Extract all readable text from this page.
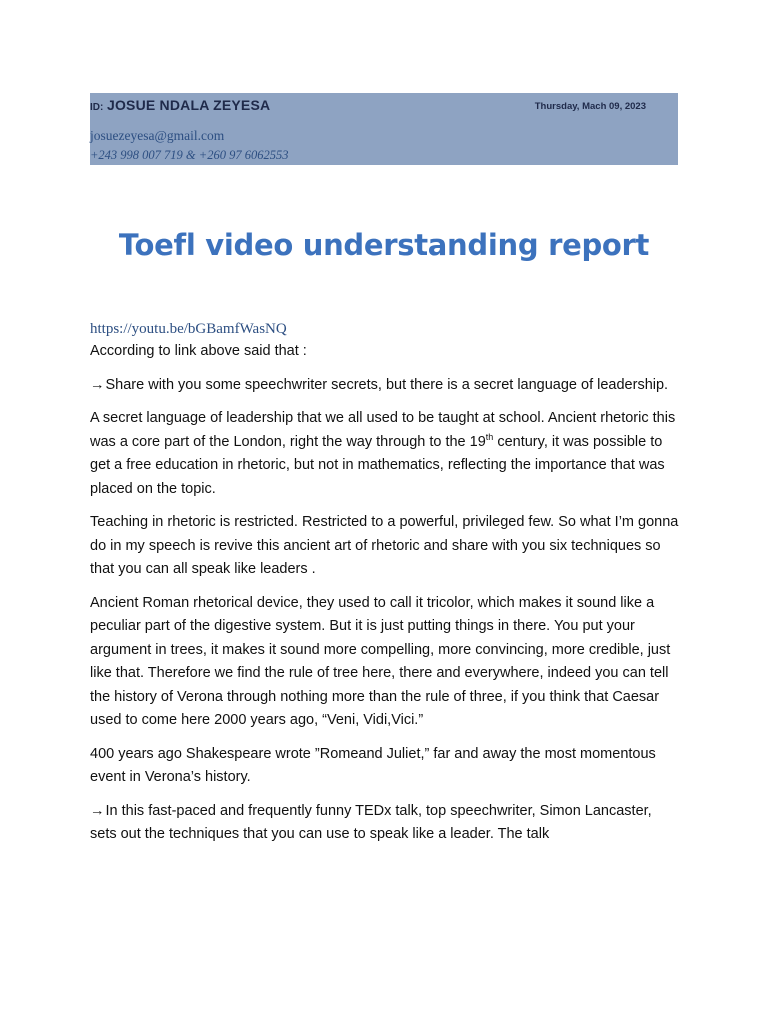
ID: JOSUE NDALA ZEYESA	Thursday, Mach 09, 2023
josuezeyesa@gmail.com
+243 998 007 719 & +260 97 6062553
Toefl video understanding report
https://youtu.be/bGBamfWasNQ

According to link above said that :

→Share with you some speechwriter secrets, but there is a secret language of leadership.

A secret language of leadership that we all used to be taught at school. Ancient rhetoric this was a core part of the London, right the way through to the 19th century, it was possible to get a free education in rhetoric, but not in mathematics, reflecting the importance that was placed on the topic.

Teaching in rhetoric is restricted. Restricted to a powerful, privileged few. So what I’m gonna do in my speech is revive this ancient art of rhetoric and share with you six techniques so that you can all speak like leaders .

Ancient Roman rhetorical device, they used to call it tricolor, which makes it sound like a peculiar part of the digestive system. But it is just putting things in there. You put your argument in trees, it makes it sound more compelling, more convincing, more credible, just like that. Therefore we find the rule of tree here, there and everywhere, indeed you can tell the history of Verona through nothing more than the rule of three, if you think that Caesar used to come here 2000 years ago, “Veni, Vidi,Vici.”

400 years ago Shakespeare wrote ”Romeand Juliet,” far and away the most momentous event in Verona’s history.

→In this fast-paced and frequently funny TEDx talk, top speechwriter, Simon Lancaster, sets out the techniques that you can use to speak like a leader. The talk
